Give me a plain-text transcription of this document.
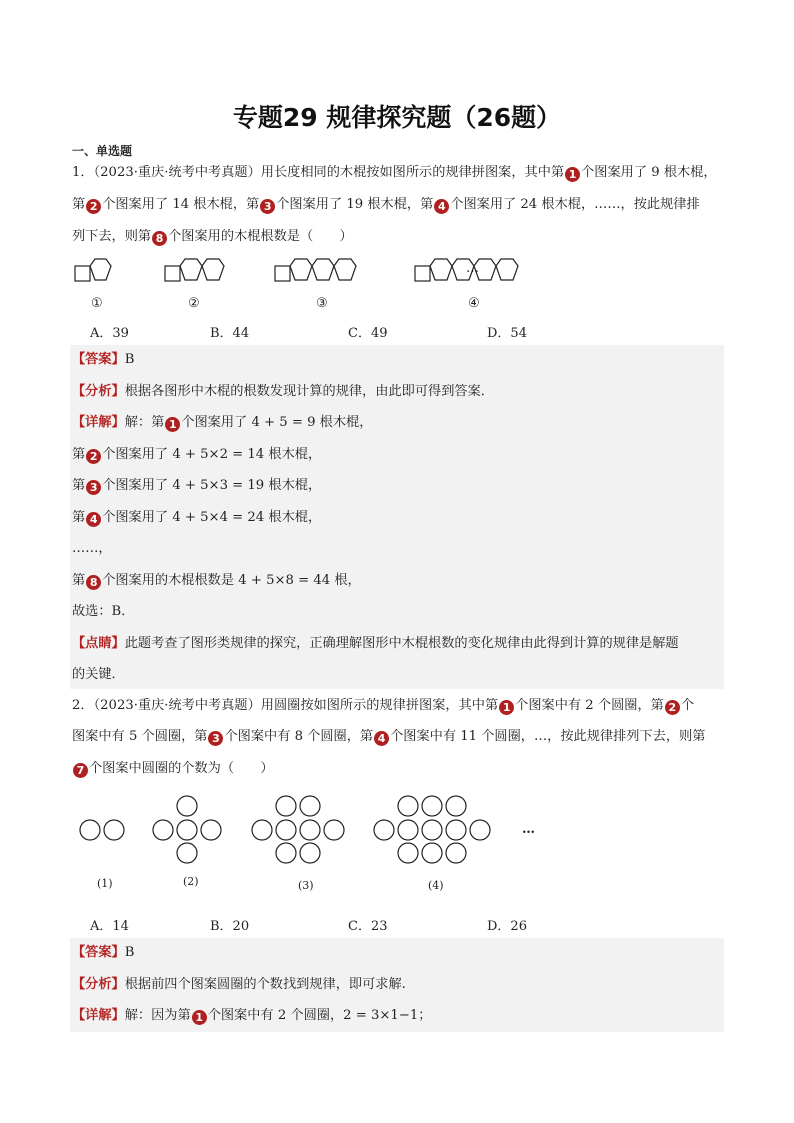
专题29 规律探究题（26题）
一、单选题
1．（2023·重庆·统考中考真题）用长度相同的木棍按如图所示的规律拼图案，其中第 1 个图案用了 9 根木棍，
第 2 个图案用了 14 根木棍，第 3 个图案用了 19 根木棍，第 4 个图案用了 24 根木棍，……，按此规律排
列下去，则第 8 个图案用的木棍根数是（　　）
…
①	②	③	④
A．39	B．44	C．49	D．54
【答案】B
【分析】根据各图形中木棍的根数发现计算的规律，由此即可得到答案．
【详解】解：第 1 个图案用了 4 + 5 = 9 根木棍，
第 2 个图案用了 4 + 5×2 = 14 根木棍，
第 3 个图案用了 4 + 5×3 = 19 根木棍，
第 4 个图案用了 4 + 5×4 = 24 根木棍，
……，
第 8 个图案用的木棍根数是 4 + 5×8 = 44 根，
故选：B．
【点睛】此题考查了图形类规律的探究，正确理解图形中木棍根数的变化规律由此得到计算的规律是解题
的关键．
2．（2023·重庆·统考中考真题）用圆圈按如图所示的规律拼图案，其中第 1 个图案中有 2 个圆圈，第 2 个
图案中有 5 个圆圈，第 3 个图案中有 8 个圆圈，第 4 个图案中有 11 个圆圈，…，按此规律排列下去，则第
7 个图案中圆圈的个数为（　　）
…
(1)	(2)	(3)	(4)
A．14	B．20	C．23	D．26
【答案】B
【分析】根据前四个图案圆圈的个数找到规律，即可求解.
【详解】解：因为第 1 个图案中有 2 个圆圈，2 = 3×1−1；
